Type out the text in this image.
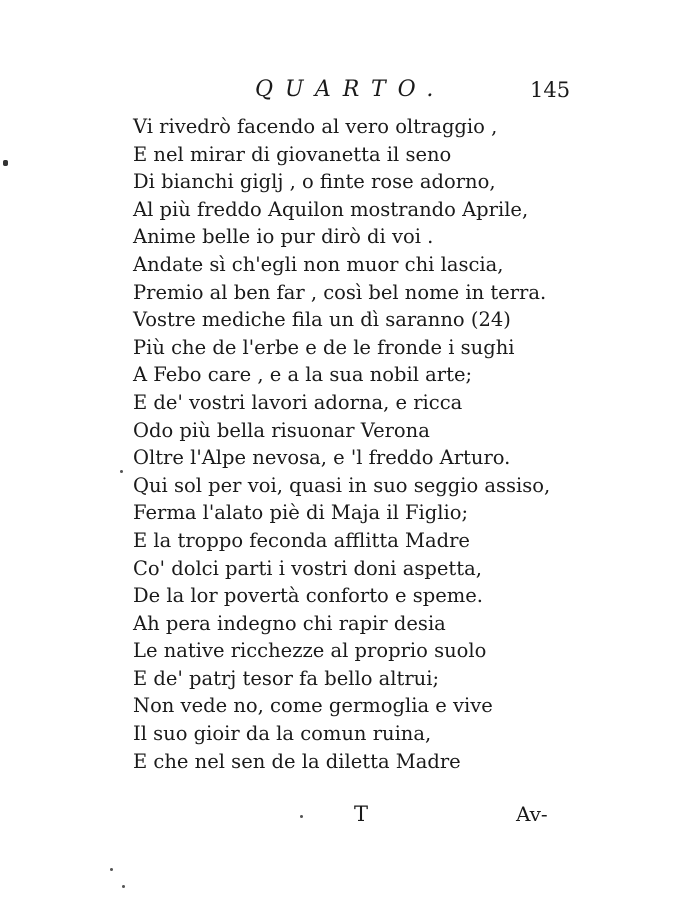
QUARTO.	145
Vi rivedrò facendo al vero oltraggio ,
E nel mirar di giovanetta il seno
Di bianchi giglj , o finte rose adorno,
Al più freddo Aquilon mostrando Aprile,
Anime belle io pur dirò di voi .
Andate sì ch'egli non muor chi lascia,
Premio al ben far , così bel nome in terra.
Vostre mediche fila un dì saranno (24)
Più che de l'erbe e de le fronde i sughi
A Febo care , e a la sua nobil arte;
E de' vostri lavori adorna, e ricca
Odo più bella risuonar Verona
Oltre l'Alpe nevosa, e 'l freddo Arturo.
Qui sol per voi, quasi in suo seggio assiso,
Ferma l'alato piè di Maja il Figlio;
E la troppo feconda afflitta Madre
Co' dolci parti i vostri doni aspetta,
De la lor povertà conforto e speme.
Ah pera indegno chi rapir desia
Le native ricchezze al proprio suolo
E de' patrj tesor fa bello altrui;
Non vede no, come germoglia e vive
Il suo gioir da la comun ruina,
E che nel sen de la diletta Madre
T	Av-
